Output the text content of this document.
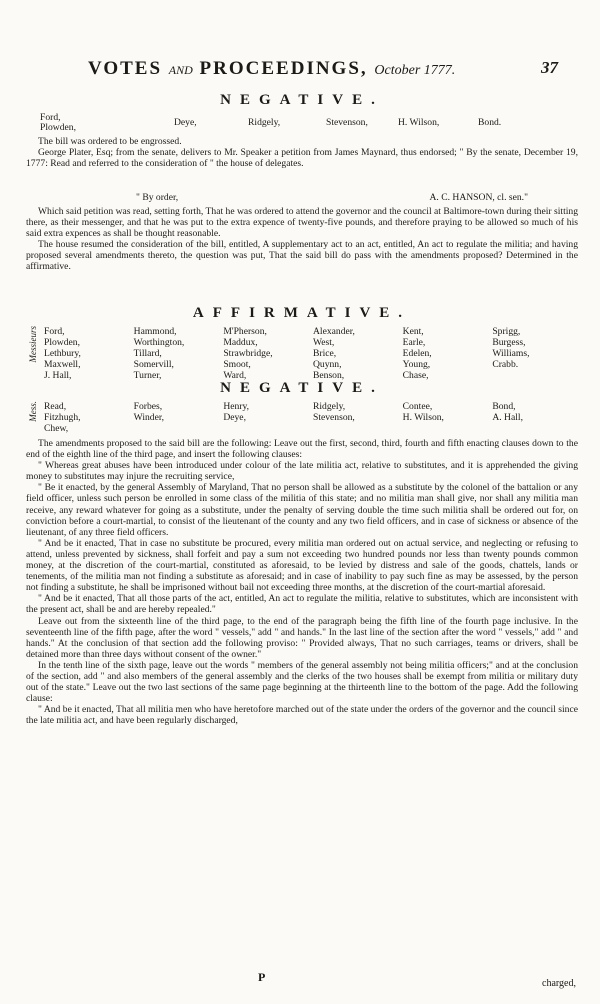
VOTES AND PROCEEDINGS, October 1777.	37
NEGATIVE.
Ford,
Plowden,	Deye,	Ridgely,	Stevenson,	H. Wilson,	Bond.

The bill was ordered to be engrossed.

George Plater, Esq; from the senate, delivers to Mr. Speaker a petition from James Maynard, thus endorsed; " By the senate, December 19, 1777: Read and referred to the consideration of " the house of delegates.

" By order,	A. C. HANSON, cl. sen."

Which said petition was read, setting forth, That he was ordered to attend the governor and the council at Baltimore-town during their sitting there, as their messenger, and that he was put to the extra expence of twenty-five pounds, and therefore praying to be allowed so much of his said extra expences as shall be thought reasonable.

The house resumed the consideration of the bill, entitled, A supplementary act to an act, entitled, An act to regulate the militia; and having proposed several amendments thereto, the question was put, That the said bill do pass with the amendments proposed? Determined in the affirmative.

AFFIRMATIVE.
Messieurs Ford,	Hammond,	M'Pherson,	Alexander,	Kent,	Sprigg,
Plowden,	Worthington,	Maddux,	West,	Earle,	Burgess,
Lethbury,	Tillard,	Strawbridge,	Brice,	Edelen,	Williams,
Maxwell,	Somervill,	Smoot,	Quynn,	Young,	Crabb.
J. Hall,	Turner,	Ward,	Benson,	Chase,
NEGATIVE.
Mess. Read,	Forbes,	Henry,	Ridgely,	Contee,	Bond,
Fitzhugh,	Winder,	Deye,	Stevenson,	H. Wilson,	A. Hall,
Chew,

The amendments proposed to the said bill are the following: Leave out the first, second, third, fourth and fifth enacting clauses down to the end of the eighth line of the third page, and insert the following clauses:

" Whereas great abuses have been introduced under colour of the late militia act, relative to substitutes, and it is apprehended the giving money to substitutes may injure the recruiting service,

" Be it enacted, by the general Assembly of Maryland, That no person shall be allowed as a substitute by the colonel of the battalion or any field officer, unless such person be enrolled in some class of the militia of this state; and no militia man shall give, nor shall any militia man receive, any reward whatever for going as a substitute, under the penalty of serving double the time such militia shall be ordered out for, on conviction before a court-martial, to consist of the lieutenant of the county and any two field officers, and in case of sickness or absence of the lieutenant, of any three field officers.

" And be it enacted, That in case no substitute be procured, every militia man ordered out on actual service, and neglecting or refusing to attend, unless prevented by sickness, shall forfeit and pay a sum not exceeding two hundred pounds nor less than twenty pounds common money, at the discretion of the court-martial, constituted as aforesaid, to be levied by distress and sale of the goods, chattels, lands or tenements, of the militia man not finding a substitute as aforesaid; and in case of inability to pay such fine as may be assessed, by the person not finding a substitute, he shall be imprisoned without bail not exceeding three months, at the discretion of the court-martial aforesaid.

" And be it enacted, That all those parts of the act, entitled, An act to regulate the militia, relative to substitutes, which are inconsistent with the present act, shall be and are hereby repealed."

Leave out from the sixteenth line of the third page, to the end of the paragraph being the fifth line of the fourth page inclusive. In the seventeenth line of the fifth page, after the word " vessels," add " and hands." In the last line of the section after the word " vessels," add " and hands." At the conclusion of that section add the following proviso: " Provided always, That no such carriages, teams or drivers, shall be detained more than three days without consent of the owner."

In the tenth line of the sixth page, leave out the words " members of the general assembly not being militia officers;" and at the conclusion of the section, add " and also members of the general assembly and the clerks of the two houses shall be exempt from militia or military duty out of the state." Leave out the two last sections of the same page beginning at the thirteenth line to the bottom of the page. Add the following clause:

" And be it enacted, That all militia men who have heretofore marched out of the state under the orders of the governor and the council since the late militia act, and have been regularly discharged,

P	charged,
